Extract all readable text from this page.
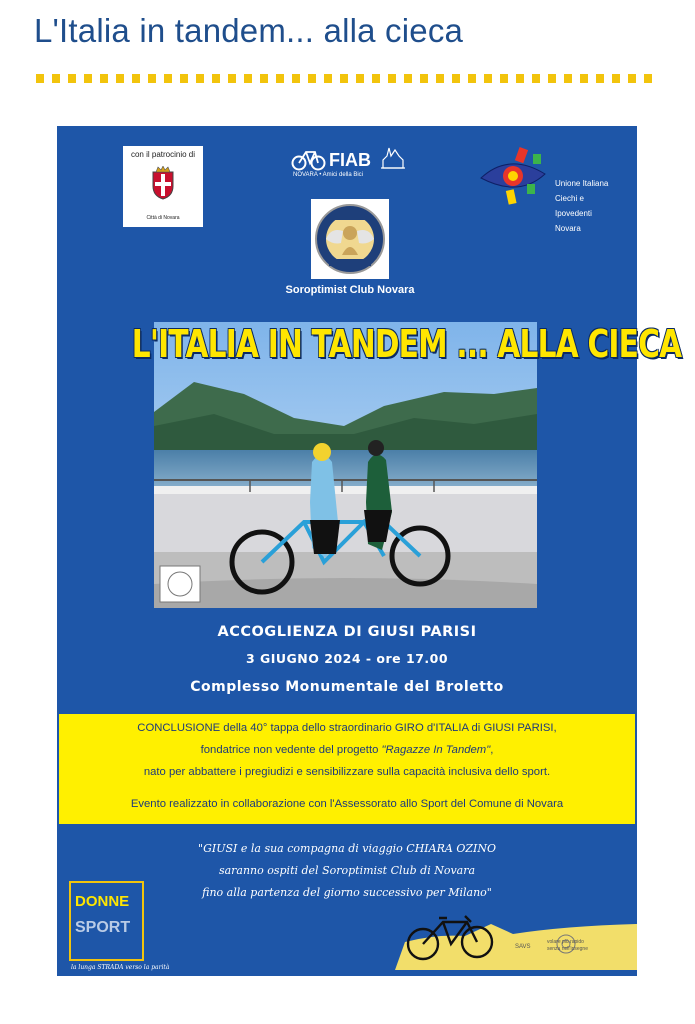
L'Italia in tandem... alla cieca
con il patrocinio di
Città di Novara
FIAB
NOVARA • Amici della Bici
Unione Italiana
Ciechi e
Ipovedenti Novara
Soroptimist Club Novara
L'ITALIA IN TANDEM ... ALLA CIECA
ACCOGLIENZA DI GIUSI PARISI
3 GIUGNO 2024 - ore 17.00
Complesso Monumentale del Broletto
CONCLUSIONE della 40° tappa dello straordinario GIRO d'ITALIA di GIUSI PARISI,
fondatrice non vedente del progetto "Ragazze In Tandem",
nato per abbattere i pregiudizi e sensibilizzare sulla capacità inclusiva dello sport.
Evento realizzato in collaborazione con l'Assessorato allo Sport del Comune di Novara
"GIUSI e la sua compagna di viaggio CHIARA OZINO
saranno ospiti del Soroptimist Club di Novara
fino alla partenza del giorno successivo per Milano"
DONNE
SPORT
la lunga STRADA verso la parità
SAVS
volare più rapido
senza nell'insegne
